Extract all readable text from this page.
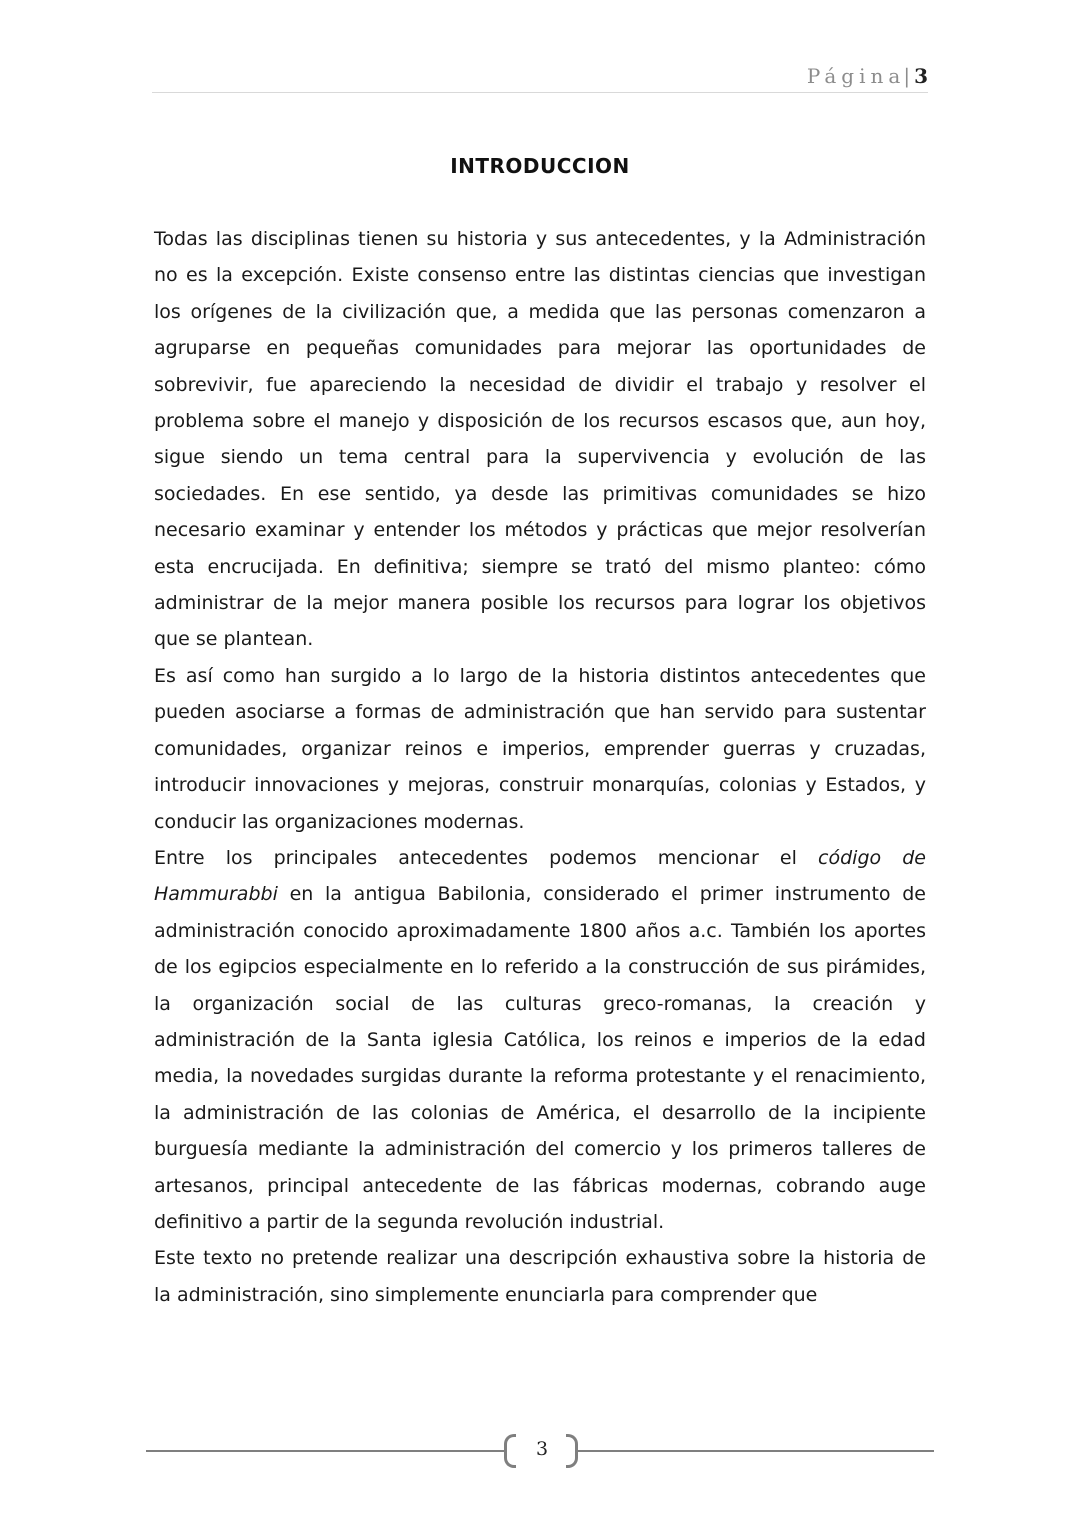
Página| 3
INTRODUCCION

Todas las disciplinas tienen su historia y sus antecedentes, y la Administración no es la excepción. Existe consenso entre las distintas ciencias que investigan los orígenes de la civilización que, a medida que las personas comenzaron a agruparse en pequeñas comunidades para mejorar las oportunidades de sobrevivir, fue apareciendo la necesidad de dividir el trabajo y resolver el problema sobre el manejo y disposición de los recursos escasos que, aun hoy, sigue siendo un tema central para la supervivencia y evolución de las sociedades. En ese sentido, ya desde las primitivas comunidades se hizo necesario examinar y entender los métodos y prácticas que mejor resolverían esta encrucijada. En definitiva; siempre se trató del mismo planteo: cómo administrar de la mejor manera posible los recursos para lograr los objetivos que se plantean.

Es así como han surgido a lo largo de la historia distintos antecedentes que pueden asociarse a formas de administración que han servido para sustentar comunidades, organizar reinos e imperios, emprender guerras y cruzadas, introducir innovaciones y mejoras, construir monarquías, colonias y Estados, y conducir las organizaciones modernas.

Entre los principales antecedentes podemos mencionar el código de Hammurabbi en la antigua Babilonia, considerado el primer instrumento de administración conocido aproximadamente 1800 años a.c. También los aportes de los egipcios especialmente en lo referido a la construcción de sus pirámides, la organización social de las culturas greco-romanas, la creación y administración de la Santa iglesia Católica, los reinos e imperios de la edad media, la novedades surgidas durante la reforma protestante y el renacimiento, la administración de las colonias de América, el desarrollo de la incipiente burguesía mediante la administración del comercio y los primeros talleres de artesanos, principal antecedente de las fábricas modernas, cobrando auge definitivo a partir de la segunda revolución industrial.

Este texto no pretende realizar una descripción exhaustiva sobre la historia de la administración, sino simplemente enunciarla para comprender que

3
